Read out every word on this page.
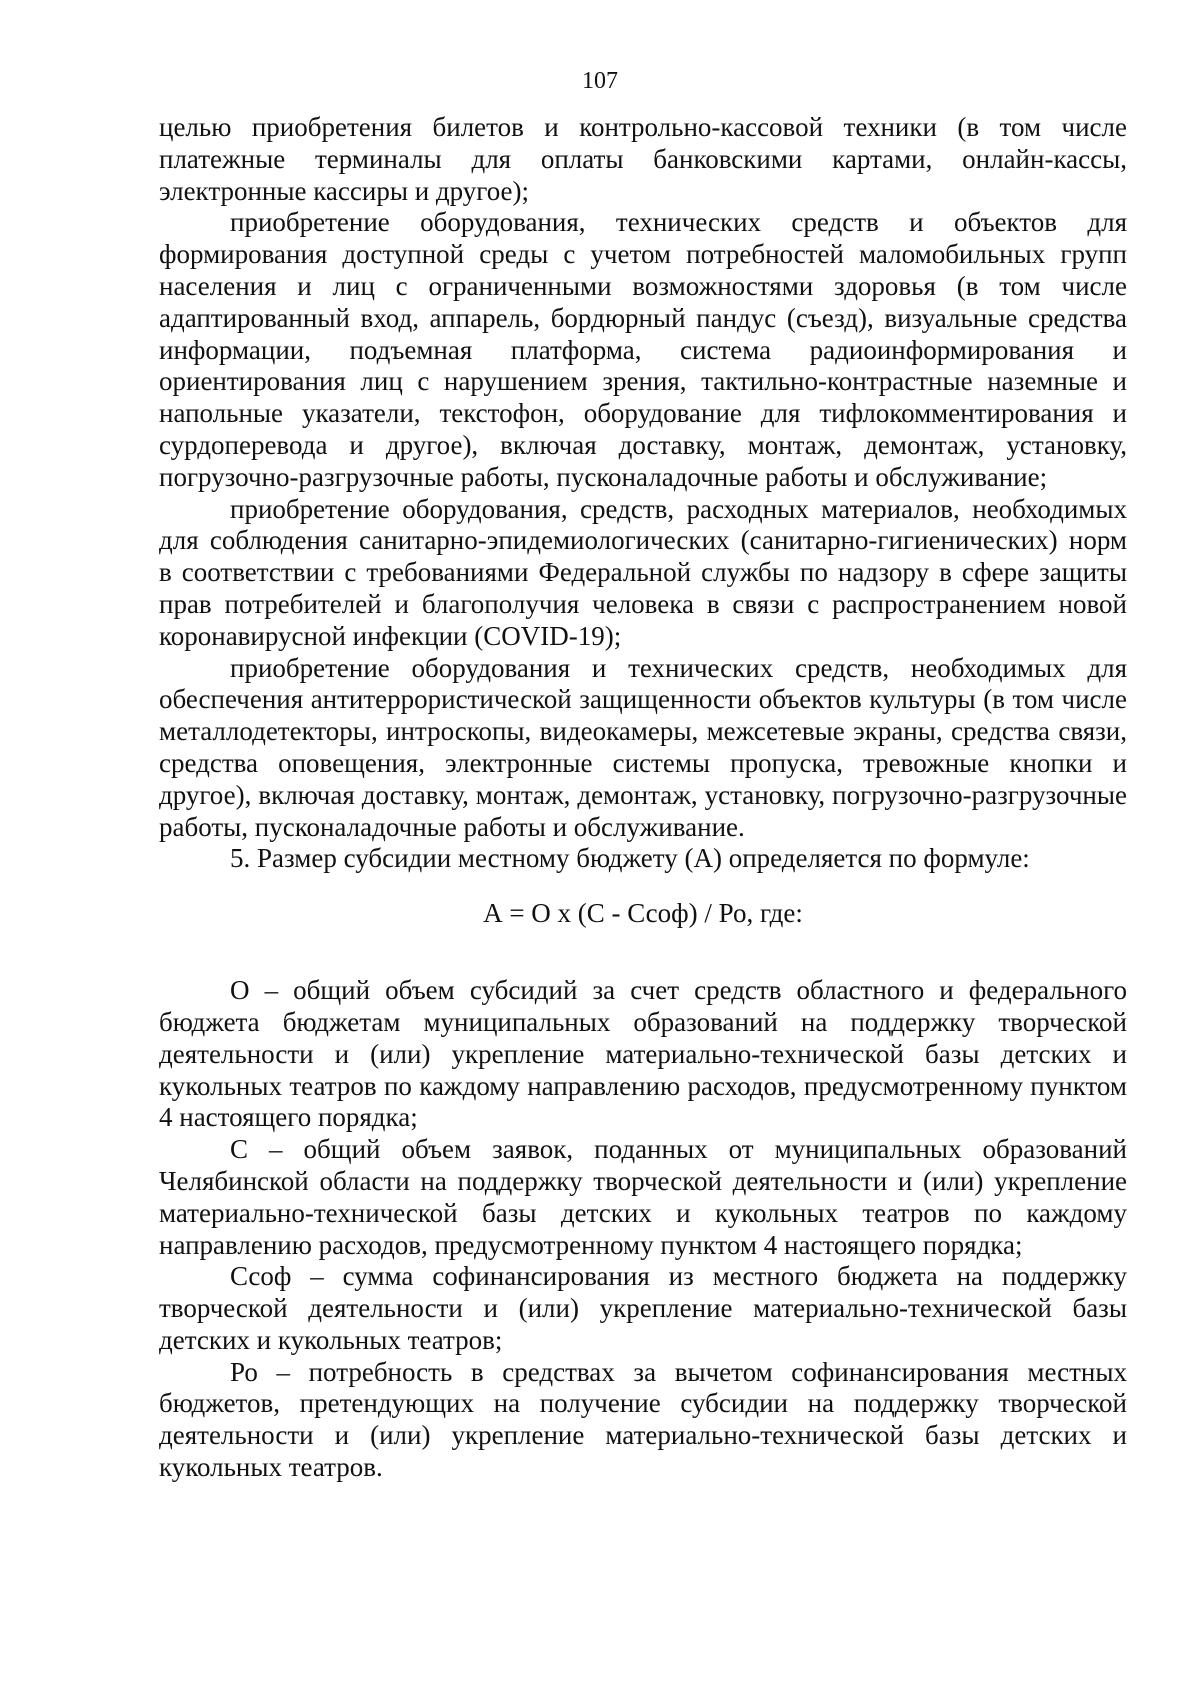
107

целью приобретения билетов и контрольно-кассовой техники (в том числе платежные терминалы для оплаты банковскими картами, онлайн-кассы, электронные кассиры и другое);

приобретение оборудования, технических средств и объектов для формирования доступной среды с учетом потребностей маломобильных групп населения и лиц с ограниченными возможностями здоровья (в том числе адаптированный вход, аппарель, бордюрный пандус (съезд), визуальные средства информации, подъемная платформа, система радиоинформирования и ориентирования лиц с нарушением зрения, тактильно-контрастные наземные и напольные указатели, текстофон, оборудование для тифлокомментирования и сурдоперевода и другое), включая доставку, монтаж, демонтаж, установку, погрузочно-разгрузочные работы, пусконаладочные работы и обслуживание;

приобретение оборудования, средств, расходных материалов, необходимых для соблюдения санитарно-эпидемиологических (санитарно-гигиенических) норм в соответствии с требованиями Федеральной службы по надзору в сфере защиты прав потребителей и благополучия человека в связи с распространением новой коронавирусной инфекции (COVID-19);

приобретение оборудования и технических средств, необходимых для обеспечения антитеррористической защищенности объектов культуры (в том числе металлодетекторы, интроскопы, видеокамеры, межсетевые экраны, средства связи, средства оповещения, электронные системы пропуска, тревожные кнопки и другое), включая доставку, монтаж, демонтаж, установку, погрузочно-разгрузочные работы, пусконаладочные работы и обслуживание.

5. Размер субсидии местному бюджету (А) определяется по формуле:

А = О х (С - Ссоф) / Ро, где:

О – общий объем субсидий за счет средств областного и федерального бюджета бюджетам муниципальных образований на поддержку творческой деятельности и (или) укрепление материально-технической базы детских и кукольных театров по каждому направлению расходов, предусмотренному пунктом 4 настоящего порядка;

С – общий объем заявок, поданных от муниципальных образований Челябинской области на поддержку творческой деятельности и (или) укрепление материально-технической базы детских и кукольных театров по каждому направлению расходов, предусмотренному пунктом 4 настоящего порядка;

Ссоф – сумма софинансирования из местного бюджета на поддержку творческой деятельности и (или) укрепление материально-технической базы детских и кукольных театров;

Ро – потребность в средствах за вычетом софинансирования местных бюджетов, претендующих на получение субсидии на поддержку творческой деятельности и (или) укрепление материально-технической базы детских и кукольных театров.
